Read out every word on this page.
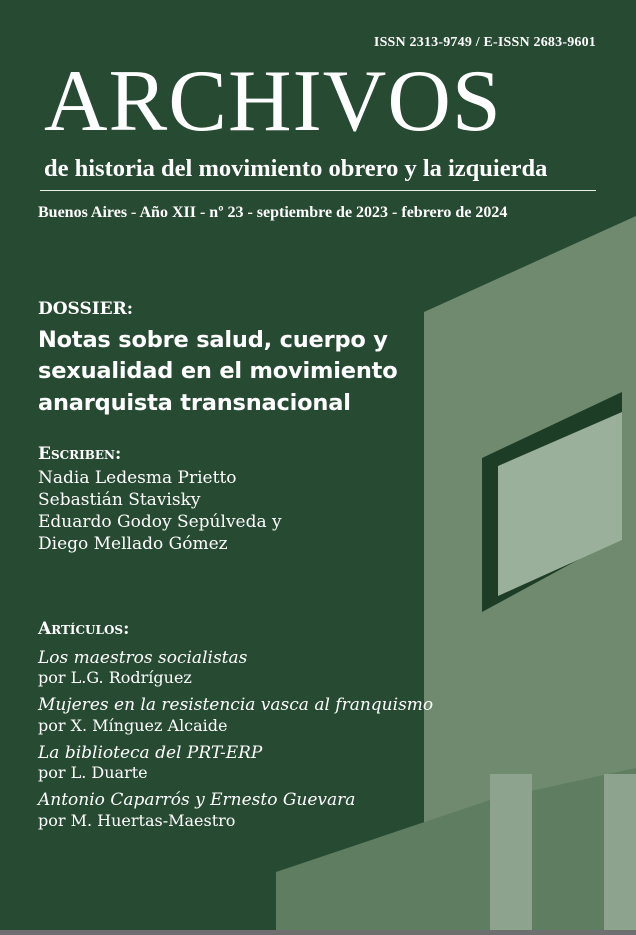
ISSN 2313-9749 / E-ISSN 2683-9601
ARCHIVOS
de historia del movimiento obrero y la izquierda
Buenos Aires - Año XII - nº 23 - septiembre de 2023 - febrero de 2024
DOSSIER:
Notas sobre salud, cuerpo y
sexualidad en el movimiento
anarquista transnacional
Escriben:
Nadia Ledesma Prietto
Sebastián Stavisky
Eduardo Godoy Sepúlveda y
Diego Mellado Gómez
Artículos:
Los maestros socialistas
por L.G. Rodríguez
Mujeres en la resistencia vasca al franquismo
por X. Mínguez Alcaide
La biblioteca del PRT-ERP
por L. Duarte
Antonio Caparrós y Ernesto Guevara
por M. Huertas-Maestro
